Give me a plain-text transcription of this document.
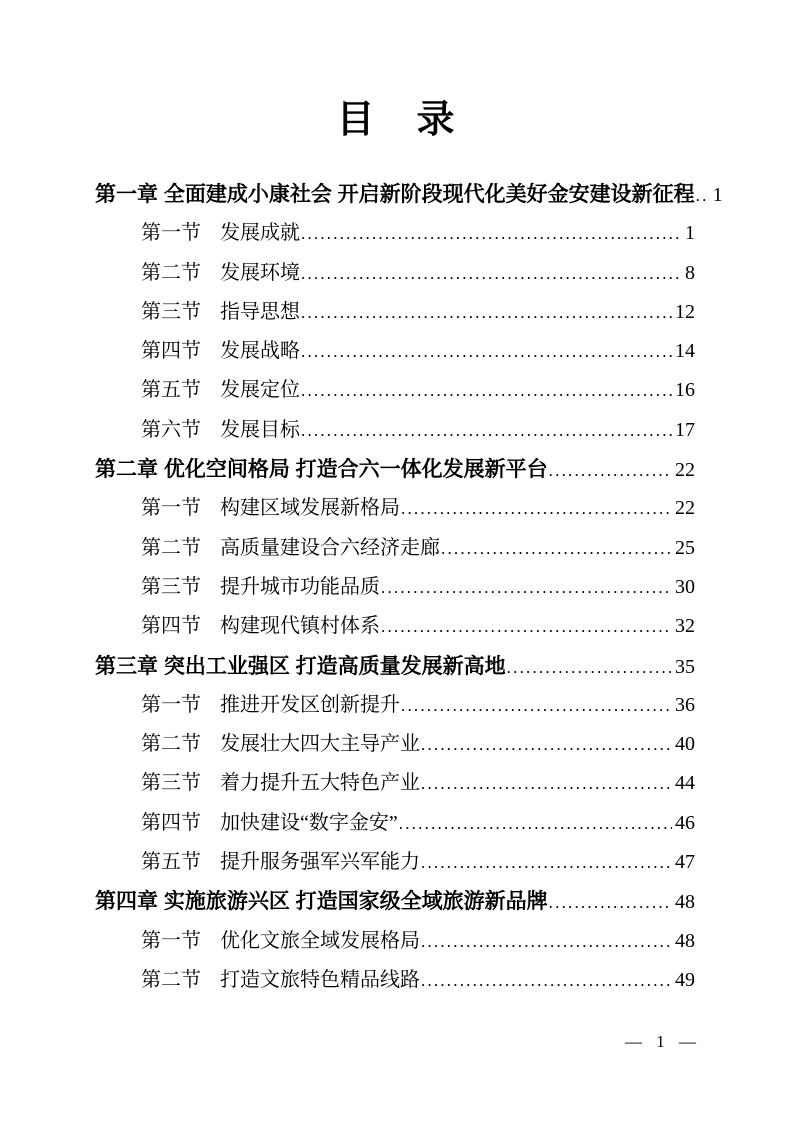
目　录
第一章 全面建成小康社会 开启新阶段现代化美好金安建设新征程 ..... 1
第一节 发展成就 .....	1
第二节 发展环境 .....	8
第三节 指导思想 .....	12
第四节 发展战略 .....	14
第五节 发展定位 .....	16
第六节 发展目标 .....	17
第二章 优化空间格局 打造合六一体化发展新平台 .....	22
第一节 构建区域发展新格局 .....	22
第二节 高质量建设合六经济走廊 .....	25
第三节 提升城市功能品质 .....	30
第四节 构建现代镇村体系 .....	32
第三章 突出工业强区 打造高质量发展新高地 .....	35
第一节 推进开发区创新提升 .....	36
第二节 发展壮大四大主导产业 .....	40
第三节 着力提升五大特色产业 .....	44
第四节 加快建设“数字金安” .....	46
第五节 提升服务强军兴军能力 .....	47
第四章 实施旅游兴区 打造国家级全域旅游新品牌 .....	48
第一节 优化文旅全域发展格局 .....	48
第二节 打造文旅特色精品线路 .....	49
— 1 —
